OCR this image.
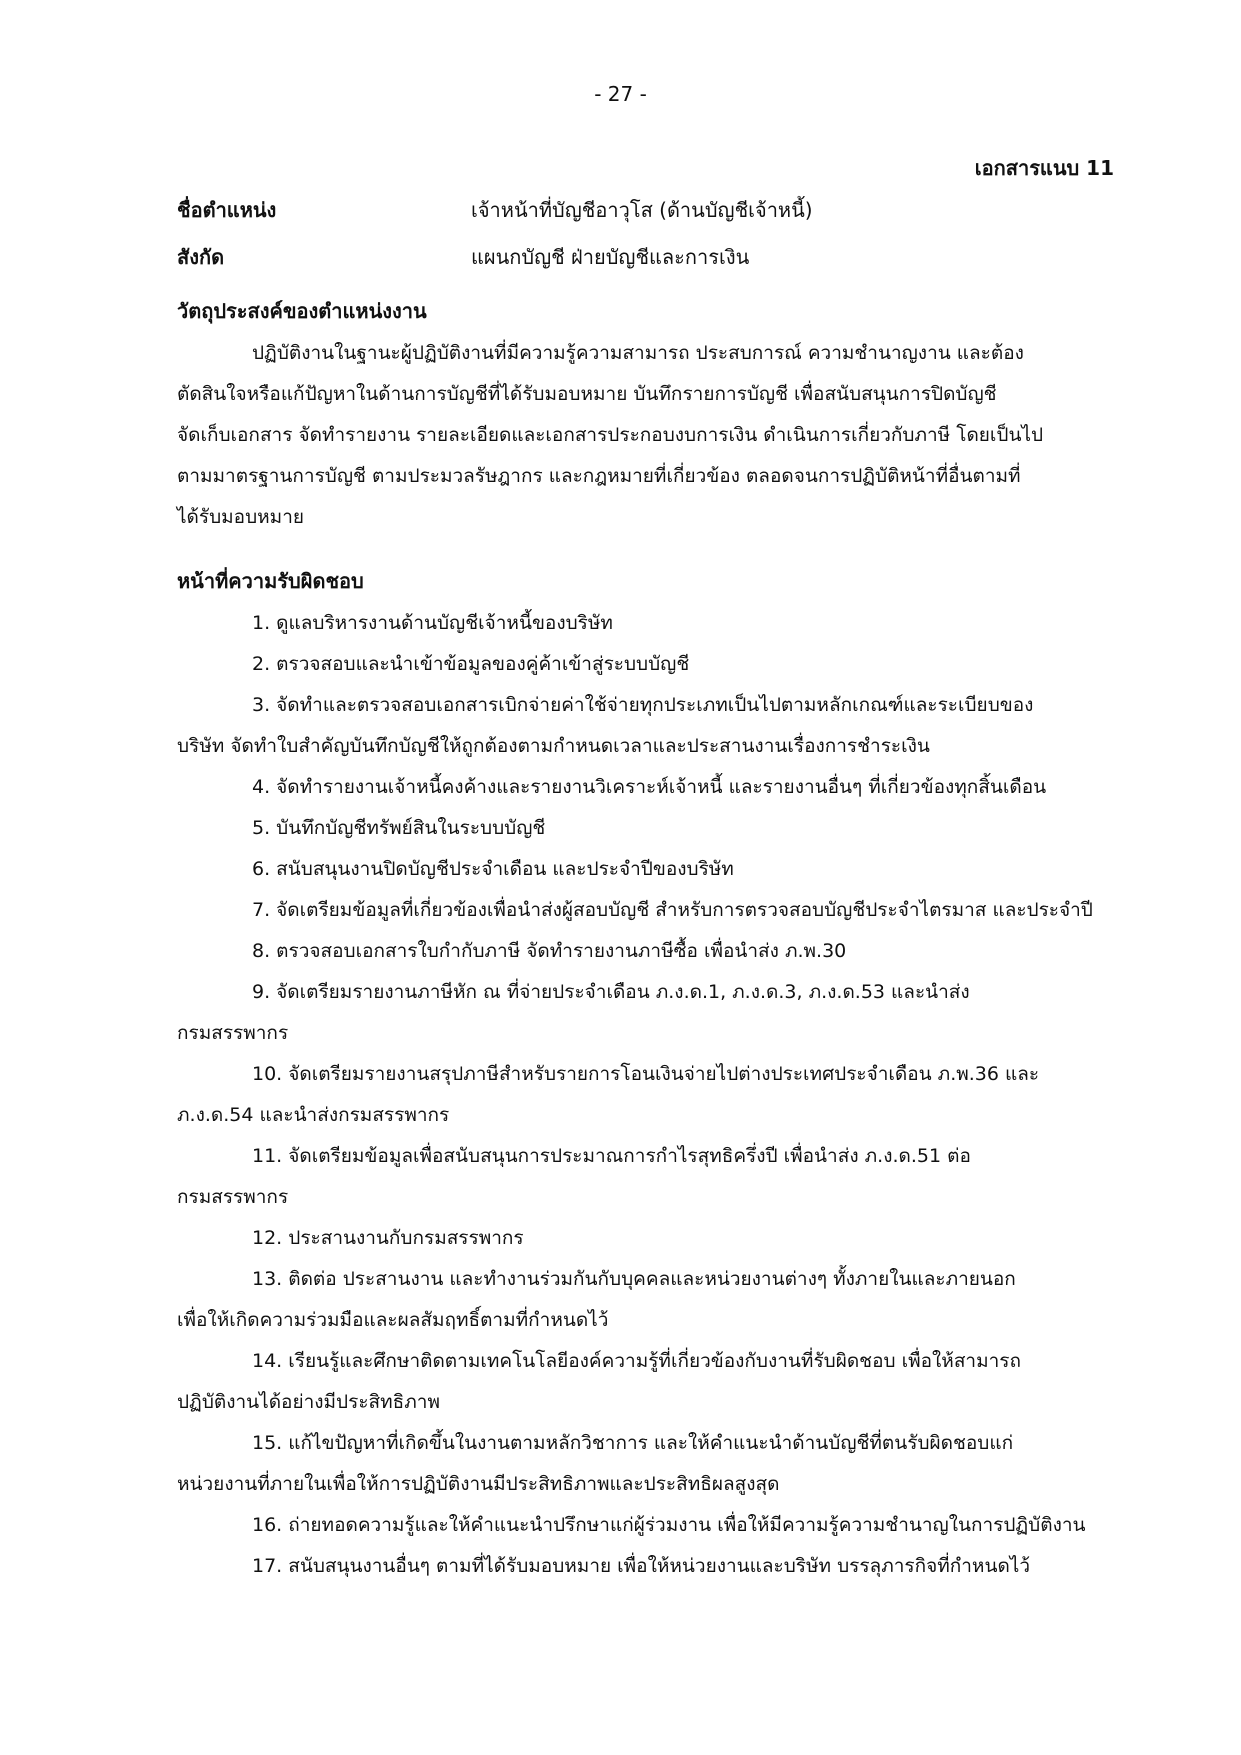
- 27 -
เอกสารแนบ 11
ชื่อตำแหน่ง	เจ้าหน้าที่บัญชีอาวุโส (ด้านบัญชีเจ้าหนี้)
สังกัด	แผนกบัญชี ฝ่ายบัญชีและการเงิน
วัตถุประสงค์ของตำแหน่งงาน
ปฏิบัติงานในฐานะผู้ปฏิบัติงานที่มีความรู้ความสามารถ ประสบการณ์ ความชำนาญงาน และต้อง
ตัดสินใจหรือแก้ปัญหาในด้านการบัญชีที่ได้รับมอบหมาย บันทึกรายการบัญชี เพื่อสนับสนุนการปิดบัญชี
จัดเก็บเอกสาร จัดทำรายงาน รายละเอียดและเอกสารประกอบงบการเงิน ดำเนินการเกี่ยวกับภาษี โดยเป็นไป
ตามมาตรฐานการบัญชี ตามประมวลรัษฎากร และกฎหมายที่เกี่ยวข้อง ตลอดจนการปฏิบัติหน้าที่อื่นตามที่
ได้รับมอบหมาย
หน้าที่ความรับผิดชอบ
1. ดูแลบริหารงานด้านบัญชีเจ้าหนี้ของบริษัท
2. ตรวจสอบและนำเข้าข้อมูลของคู่ค้าเข้าสู่ระบบบัญชี
3. จัดทำและตรวจสอบเอกสารเบิกจ่ายค่าใช้จ่ายทุกประเภทเป็นไปตามหลักเกณฑ์และระเบียบของ
บริษัท จัดทำใบสำคัญบันทึกบัญชีให้ถูกต้องตามกำหนดเวลาและประสานงานเรื่องการชำระเงิน
4. จัดทำรายงานเจ้าหนี้คงค้างและรายงานวิเคราะห์เจ้าหนี้ และรายงานอื่นๆ ที่เกี่ยวข้องทุกสิ้นเดือน
5. บันทึกบัญชีทรัพย์สินในระบบบัญชี
6. สนับสนุนงานปิดบัญชีประจำเดือน และประจำปีของบริษัท
7. จัดเตรียมข้อมูลที่เกี่ยวข้องเพื่อนำส่งผู้สอบบัญชี สำหรับการตรวจสอบบัญชีประจำไตรมาส และประจำปี
8. ตรวจสอบเอกสารใบกำกับภาษี จัดทำรายงานภาษีซื้อ เพื่อนำส่ง ภ.พ.30
9. จัดเตรียมรายงานภาษีหัก ณ ที่จ่ายประจำเดือน ภ.ง.ด.1, ภ.ง.ด.3, ภ.ง.ด.53 และนำส่ง
กรมสรรพากร
10. จัดเตรียมรายงานสรุปภาษีสำหรับรายการโอนเงินจ่ายไปต่างประเทศประจำเดือน ภ.พ.36 และ
ภ.ง.ด.54 และนำส่งกรมสรรพากร
11. จัดเตรียมข้อมูลเพื่อสนับสนุนการประมาณการกำไรสุทธิครึ่งปี เพื่อนำส่ง ภ.ง.ด.51 ต่อ
กรมสรรพากร
12. ประสานงานกับกรมสรรพากร
13. ติดต่อ ประสานงาน และทำงานร่วมกันกับบุคคลและหน่วยงานต่างๆ ทั้งภายในและภายนอก
เพื่อให้เกิดความร่วมมือและผลสัมฤทธิ์ตามที่กำหนดไว้
14. เรียนรู้และศึกษาติดตามเทคโนโลยีองค์ความรู้ที่เกี่ยวข้องกับงานที่รับผิดชอบ เพื่อให้สามารถ
ปฏิบัติงานได้อย่างมีประสิทธิภาพ
15. แก้ไขปัญหาที่เกิดขึ้นในงานตามหลักวิชาการ และให้คำแนะนำด้านบัญชีที่ตนรับผิดชอบแก่
หน่วยงานที่ภายในเพื่อให้การปฏิบัติงานมีประสิทธิภาพและประสิทธิผลสูงสุด
16. ถ่ายทอดความรู้และให้คำแนะนำปรึกษาแก่ผู้ร่วมงาน เพื่อให้มีความรู้ความชำนาญในการปฏิบัติงาน
17. สนับสนุนงานอื่นๆ ตามที่ได้รับมอบหมาย เพื่อให้หน่วยงานและบริษัท บรรลุภารกิจที่กำหนดไว้
